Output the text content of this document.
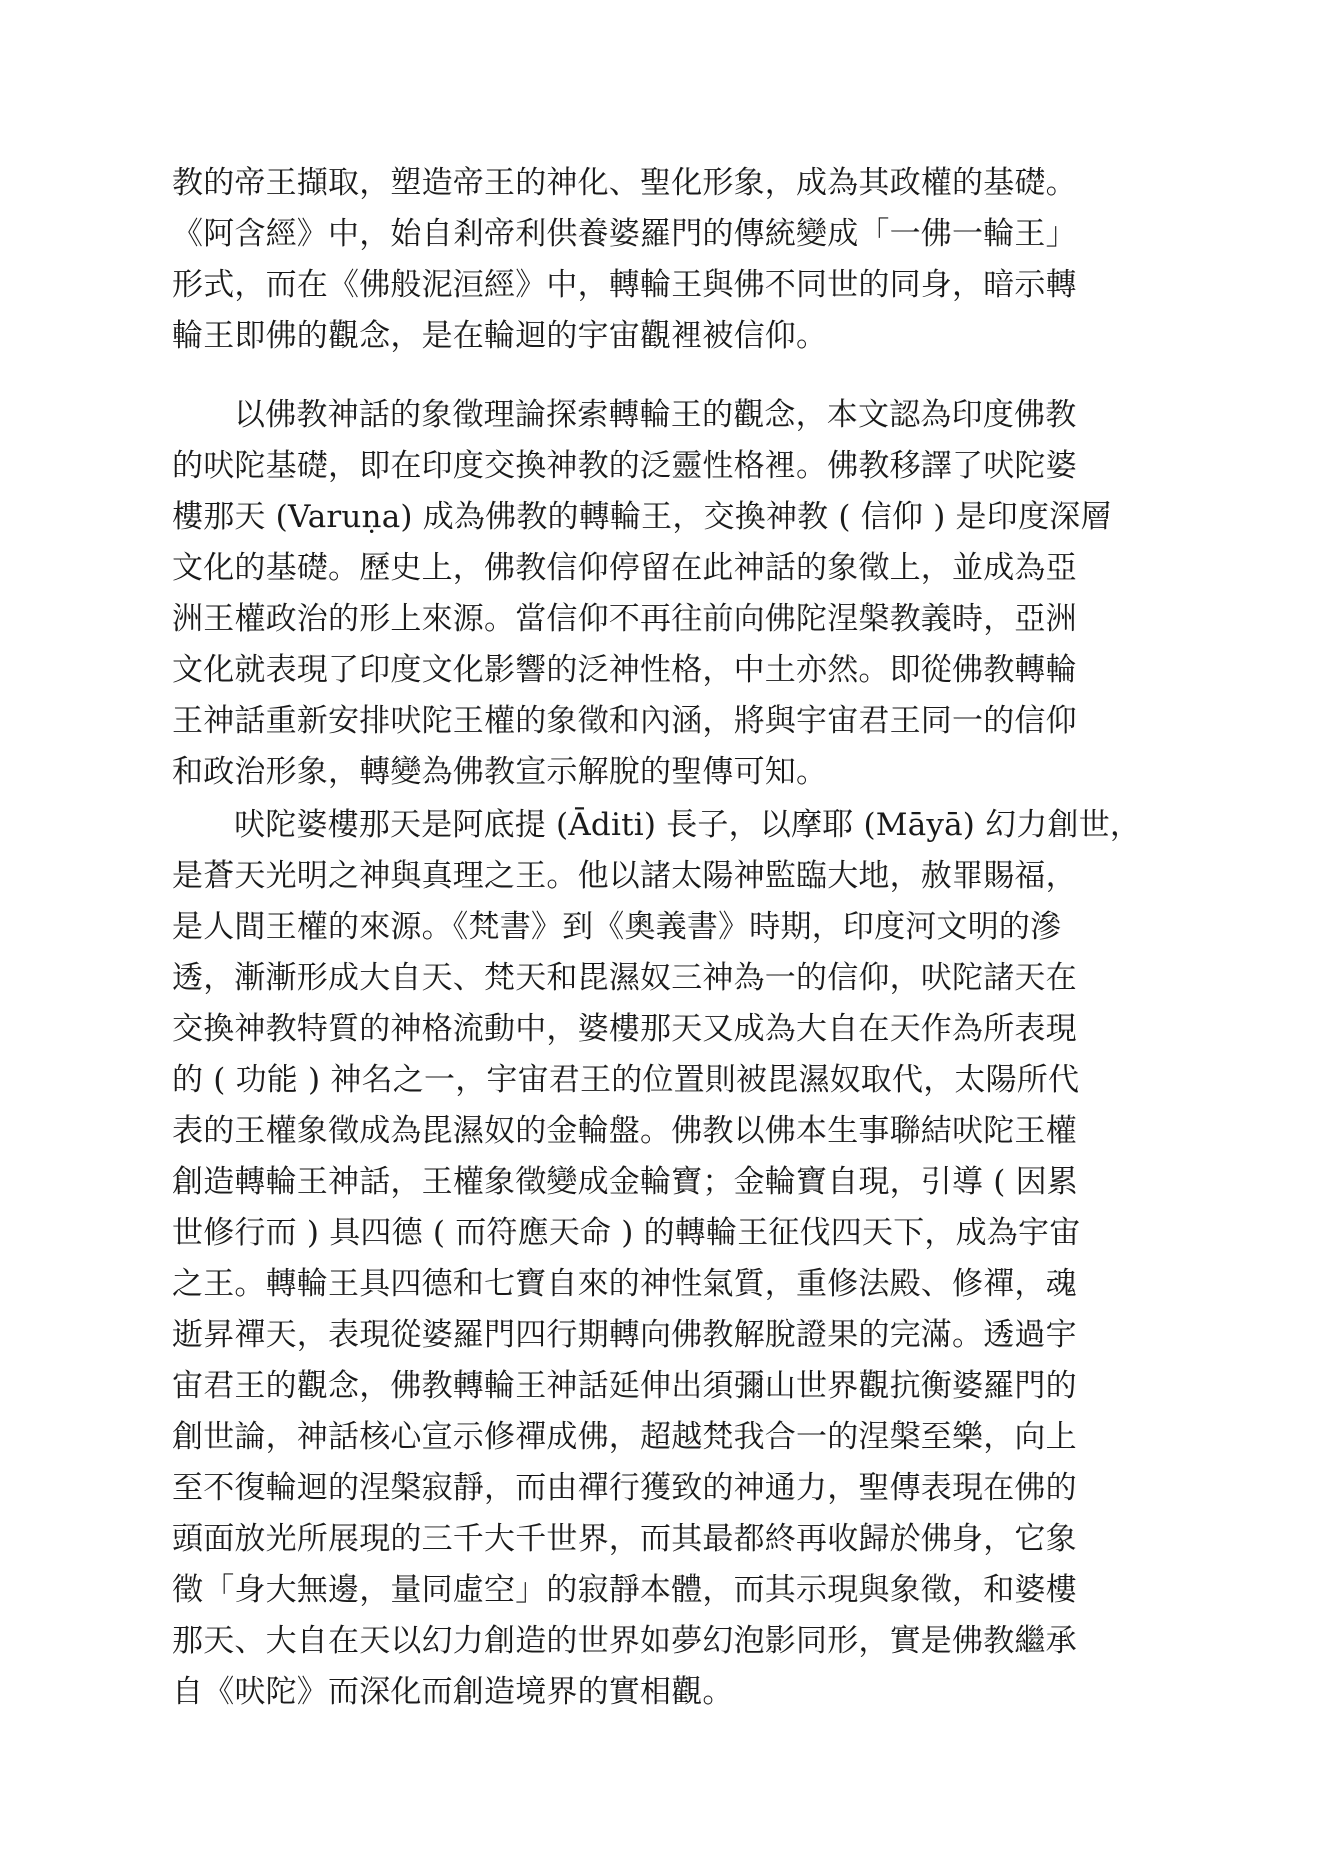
教的帝王擷取，塑造帝王的神化、聖化形象，成為其政權的基礎。
《阿含經》中，始自剎帝利供養婆羅門的傳統變成「一佛一輪王」
形式，而在《佛般泥洹經》中，轉輪王與佛不同世的同身，暗示轉
輪王即佛的觀念，是在輪迴的宇宙觀裡被信仰。
以佛教神話的象徵理論探索轉輪王的觀念，本文認為印度佛教
的吠陀基礎，即在印度交換神教的泛靈性格裡。佛教移譯了吠陀婆
樓那天 (Varuṇa) 成為佛教的轉輪王，交換神教 ( 信仰 ) 是印度深層
文化的基礎。歷史上，佛教信仰停留在此神話的象徵上，並成為亞
洲王權政治的形上來源。當信仰不再往前向佛陀涅槃教義時，亞洲
文化就表現了印度文化影響的泛神性格，中土亦然。即從佛教轉輪
王神話重新安排吠陀王權的象徵和內涵，將與宇宙君王同一的信仰
和政治形象，轉變為佛教宣示解脫的聖傳可知。
吠陀婆樓那天是阿底提 (Āditi) 長子，以摩耶 (Māyā) 幻力創世，
是蒼天光明之神與真理之王。他以諸太陽神監臨大地，赦罪賜福，
是人間王權的來源。《梵書》到《奧義書》時期，印度河文明的滲
透，漸漸形成大自天、梵天和毘濕奴三神為一的信仰，吠陀諸天在
交換神教特質的神格流動中，婆樓那天又成為大自在天作為所表現
的 ( 功能 ) 神名之一，宇宙君王的位置則被毘濕奴取代，太陽所代
表的王權象徵成為毘濕奴的金輪盤。佛教以佛本生事聯結吠陀王權
創造轉輪王神話，王權象徵變成金輪寶；金輪寶自現，引導 ( 因累
世修行而 ) 具四德 ( 而符應天命 ) 的轉輪王征伐四天下，成為宇宙
之王。轉輪王具四德和七寶自來的神性氣質，重修法殿、修禪，魂
逝昇禪天，表現從婆羅門四行期轉向佛教解脫證果的完滿。透過宇
宙君王的觀念，佛教轉輪王神話延伸出須彌山世界觀抗衡婆羅門的
創世論，神話核心宣示修禪成佛，超越梵我合一的涅槃至樂，向上
至不復輪迴的涅槃寂靜，而由禪行獲致的神通力，聖傳表現在佛的
頭面放光所展現的三千大千世界，而其最都終再收歸於佛身，它象
徵「身大無邊，量同虛空」的寂靜本體，而其示現與象徵，和婆樓
那天、大自在天以幻力創造的世界如夢幻泡影同形，實是佛教繼承
自《吠陀》而深化而創造境界的實相觀。
